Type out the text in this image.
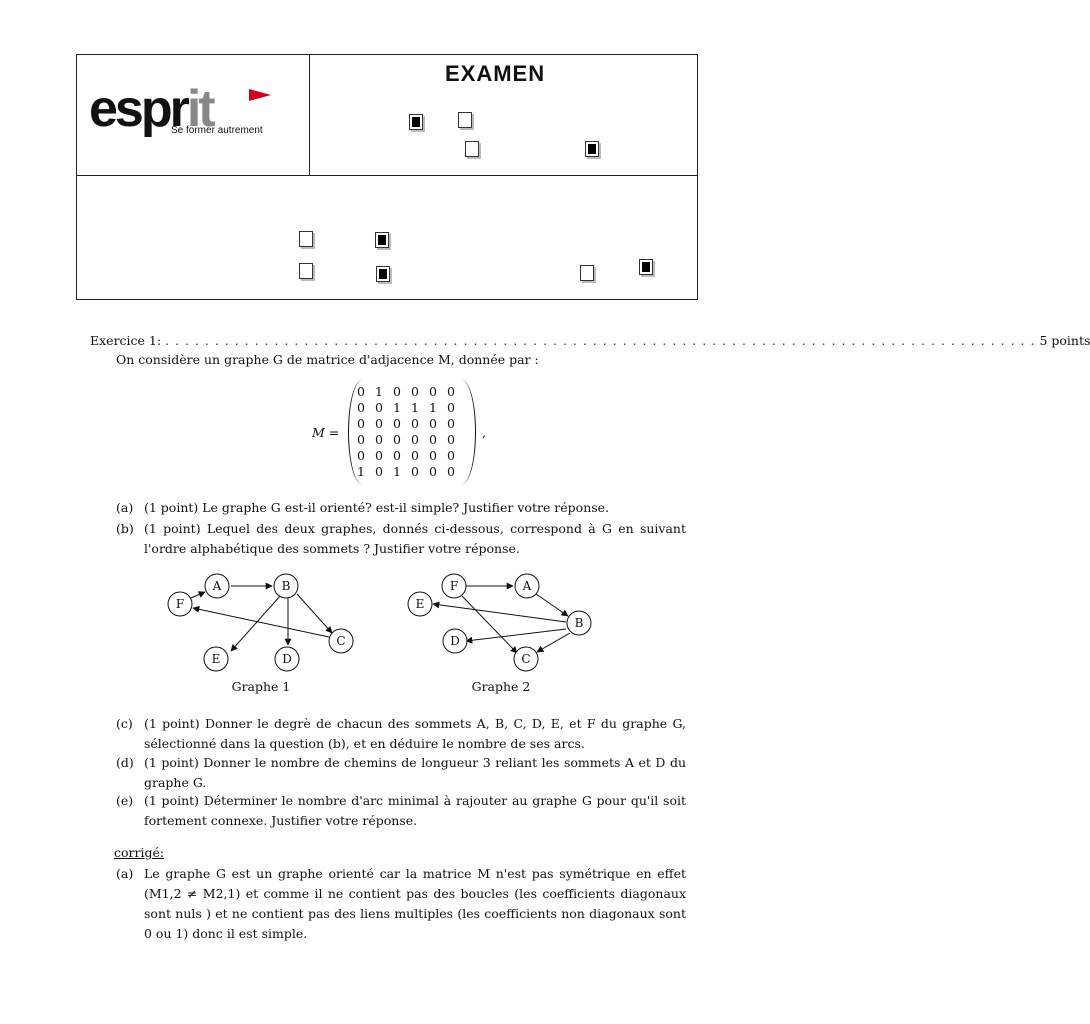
esprit
Se former autrement
EXAMEN
Exercice 1: . . . . . . . . . . . . . . . . . . . . . . . . . . . . . . . . . . . . . . . . . . . . . . . . . . . . . . . . . . . . . . . . . . . . . . . . . . . . . . . . . . . . . . . . 5 points
On considère un graphe G de matrice d'adjacence M, donnée par :
M =
0 1 0 0 0 0
0 0 1 1 1 0
0 0 0 0 0 0
0 0 0 0 0 0
0 0 0 0 0 0
1 0 1 0 0 0
,
(a) (1 point) Le graphe G est-il orienté? est-il simple? Justifier votre réponse.
(b) (1 point) Lequel des deux graphes, donnés ci-dessous, correspond à G en suivant l'ordre alphabétique des sommets ? Justifier votre réponse.
A	B
F
C
E	D
F	A
E
B
D
C
Graphe 1	Graphe 2
(c) (1 point) Donner le degrè de chacun des sommets A, B, C, D, E, et F du graphe G, sélectionné dans la question (b), et en déduire le nombre de ses arcs.
(d) (1 point) Donner le nombre de chemins de longueur 3 reliant les sommets A et D du graphe G.
(e) (1 point) Déterminer le nombre d'arc minimal à rajouter au graphe G pour qu'il soit fortement connexe. Justifier votre réponse.
corrigé:
(a) Le graphe G est un graphe orienté car la matrice M n'est pas symétrique en effet (M1,2 ≠ M2,1) et comme il ne contient pas des boucles (les coefficients diagonaux sont nuls ) et ne contient pas des liens multiples (les coefficients non diagonaux sont 0 ou 1) donc il est simple.
